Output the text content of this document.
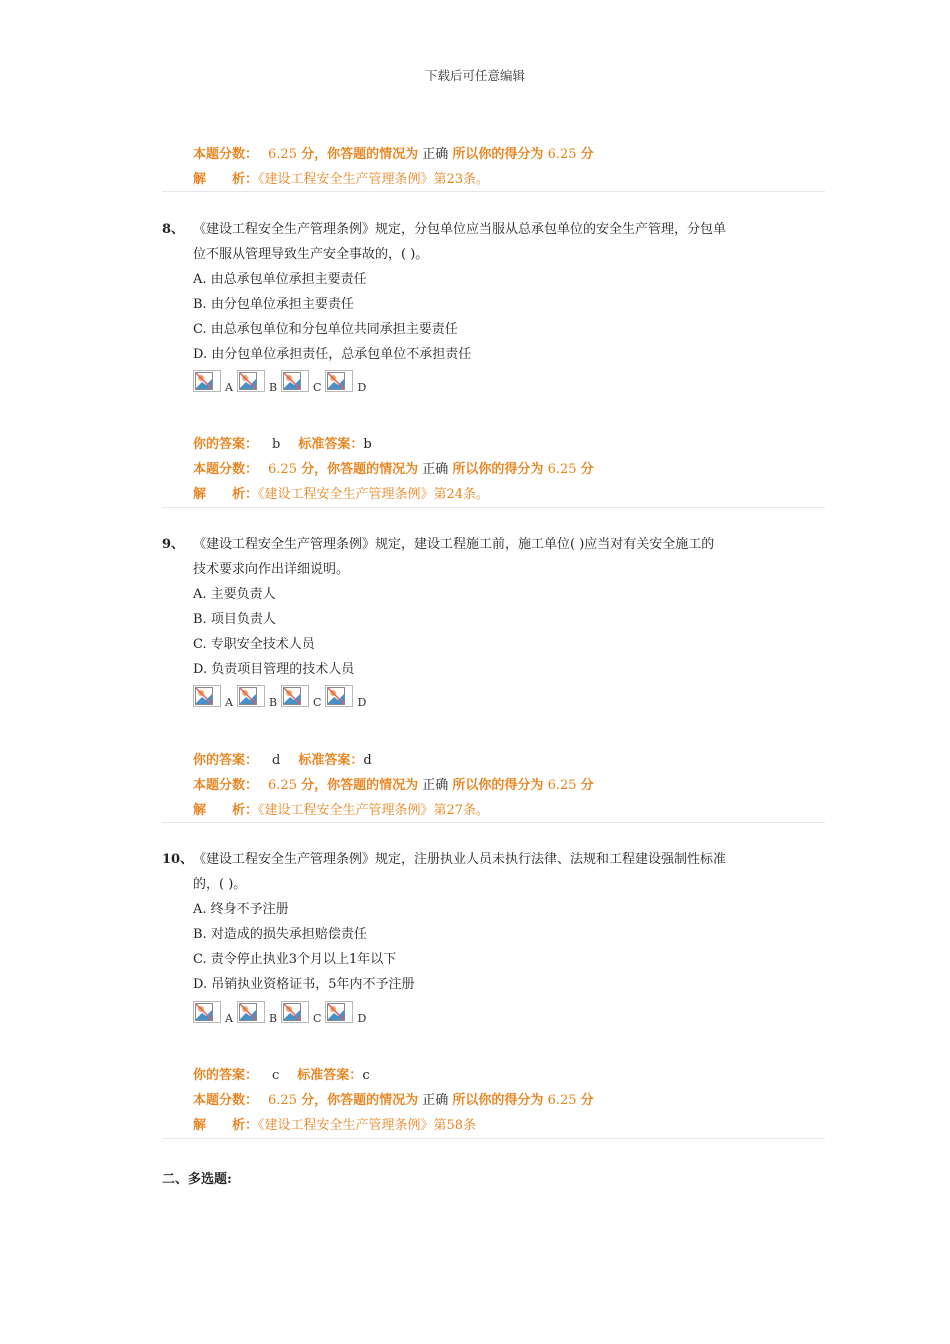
下载后可任意编辑
本题分数： 6.25 分，你答题的情况为 正确 所以你的得分为 6.25 分
解　　析：《建设工程安全生产管理条例》第23条。
8、 《建设工程安全生产管理条例》规定，分包单位应当服从总承包单位的安全生产管理，分包单
位不服从管理导致生产安全事故的，( )。
A. 由总承包单位承担主要责任
B. 由分包单位承担主要责任
C. 由总承包单位和分包单位共同承担主要责任
D. 由分包单位承担责任，总承包单位不承担责任
A	B	C	D
你的答案： b 标准答案：b
本题分数： 6.25 分，你答题的情况为 正确 所以你的得分为 6.25 分
解　　析：《建设工程安全生产管理条例》第24条。
9、 《建设工程安全生产管理条例》规定，建设工程施工前，施工单位( )应当对有关安全施工的
技术要求向作出详细说明。
A. 主要负责人
B. 项目负责人
C. 专职安全技术人员
D. 负责项目管理的技术人员
A	B	C	D
你的答案： d 标准答案：d
本题分数： 6.25 分，你答题的情况为 正确 所以你的得分为 6.25 分
解　　析：《建设工程安全生产管理条例》第27条。
10、《建设工程安全生产管理条例》规定，注册执业人员未执行法律、法规和工程建设强制性标准
的，( )。
A. 终身不予注册
B. 对造成的损失承担赔偿责任
C. 责令停止执业3个月以上1年以下
D. 吊销执业资格证书，5年内不予注册
A	B	C	D
你的答案： c 标准答案：c
本题分数： 6.25 分，你答题的情况为 正确 所以你的得分为 6.25 分
解　　析：《建设工程安全生产管理条例》第58条
二、多选题:
